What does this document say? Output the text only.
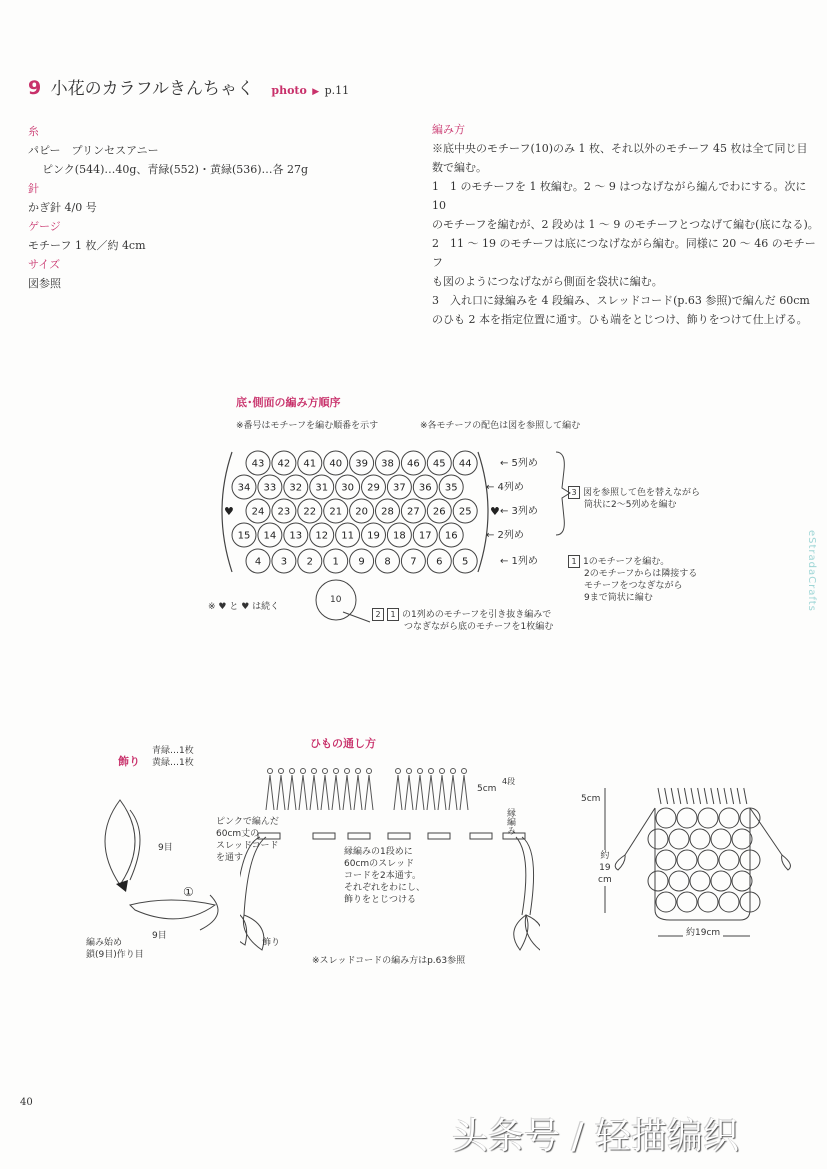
9 小花のカラフルきんちゃく photo ▶ p.11
糸
パピー　プリンセスアニー
ピンク(544)…40g、青緑(552)・黄緑(536)…各 27g
針
かぎ針 4/0 号
ゲージ
モチーフ 1 枚／約 4cm
サイズ
図参照
編み方
※底中央のモチーフ(10)のみ 1 枚、それ以外のモチーフ 45 枚は全て同じ目
数で編む。
1　1 のモチーフを 1 枚編む。2 〜 9 はつなげながら編んでわにする。次に 10
のモチーフを編むが、2 段めは 1 〜 9 のモチーフとつなげて編む(底になる)。
2　11 〜 19 のモチーフは底につなげながら編む。同様に 20 〜 46 のモチーフ
も図のようにつなげながら側面を袋状に編む。
3　入れ口に縁編みを 4 段編み、スレッドコード(p.63 参照)で編んだ 60cm
のひも 2 本を指定位置に通す。ひも端をとじつけ、飾りをつけて仕上げる。
底･側面の編み方順序
※番号はモチーフを編む順番を示す	※各モチーフの配色は図を参照して編む
♥	♥
43 42 41 40 39 38 46 45 44	← 5列め
34 33 32 31 30 29 37 36 35	← 4列め
24 23 22 21 20 28 27 26 25	← 3列め
15 14 13 12 11 19 18 17 16	← 2列め
4 3 2 1 9 8 7 6 5	← 1列め
10
3 図を参照して色を替えながら
筒状に2〜5列めを編む
1 1のモチーフを編む。
2のモチーフからは隣接する
モチーフをつなぎながら
9まで筒状に編む
2 1 の1列めのモチーフを引き抜き編みで
つなぎながら底のモチーフを1枚編む
※ ♥ と ♥ は続く
飾り
青緑…1枚
黄緑…1枚
9目
9目
①
編み始め
鎖(9目)作り目
ひもの通し方
ピンクで編んだ
60cm丈の
スレッドコード
を通す
縁編みの1段めに
60cmのスレッド
コードを2本通す。
それぞれをわにし、
飾りをとじつける
5cm
4段
縁編み
飾り
※スレッドコードの編み方はp.63参照
5cm
約
19
cm
約19cm
eStradaCrafts
40
头条号 / 轻描编织
